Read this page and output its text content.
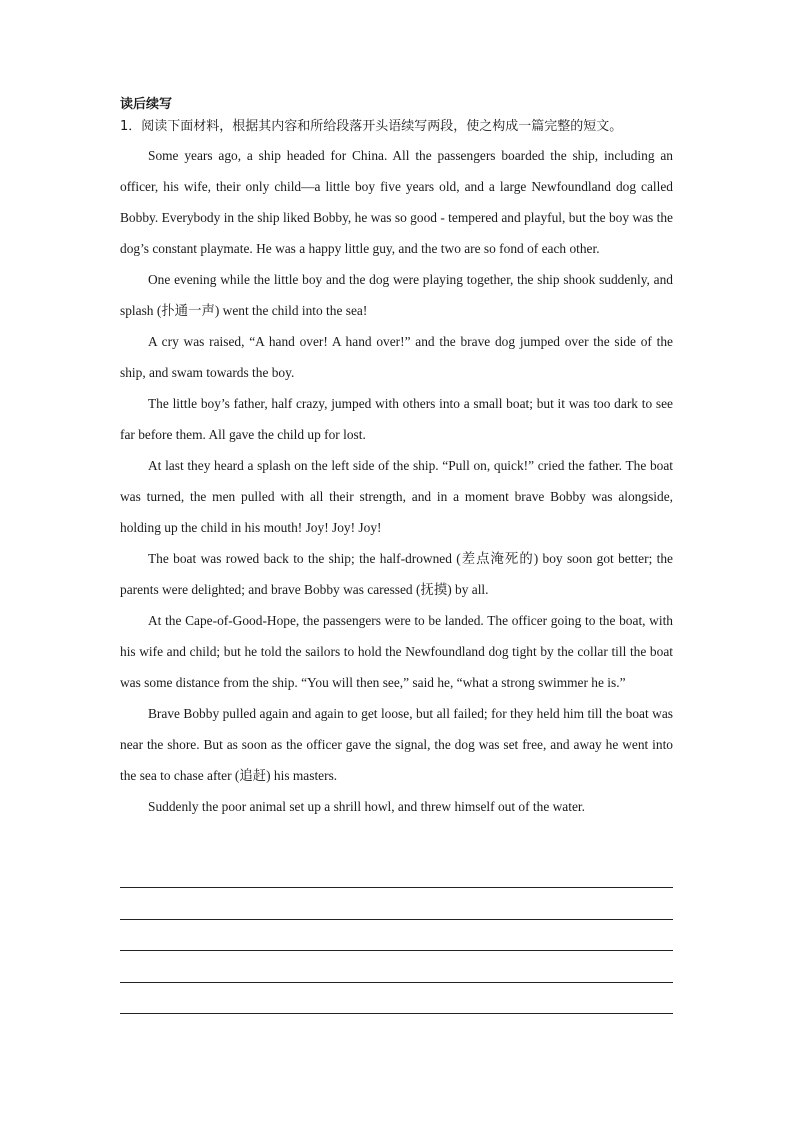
读后续写
1．阅读下面材料，根据其内容和所给段落开头语续写两段，使之构成一篇完整的短文。

Some years ago, a ship headed for China. All the passengers boarded the ship, including an officer, his wife, their only child—a little boy five years old, and a large Newfoundland dog called Bobby. Everybody in the ship liked Bobby, he was so good - tempered and playful, but the boy was the dog’s constant playmate. He was a happy little guy, and the two are so fond of each other.

One evening while the little boy and the dog were playing together, the ship shook suddenly, and splash (扑通一声) went the child into the sea!

A cry was raised, “A hand over! A hand over!” and the brave dog jumped over the side of the ship, and swam towards the boy.

The little boy’s father, half crazy, jumped with others into a small boat; but it was too dark to see far before them. All gave the child up for lost.

At last they heard a splash on the left side of the ship. “Pull on, quick!” cried the father. The boat was turned, the men pulled with all their strength, and in a moment brave Bobby was alongside, holding up the child in his mouth! Joy! Joy! Joy!

The boat was rowed back to the ship; the half-drowned (差点淹死的) boy soon got better; the parents were delighted; and brave Bobby was caressed (抚摸) by all.

At the Cape-of-Good-Hope, the passengers were to be landed. The officer going to the boat, with his wife and child; but he told the sailors to hold the Newfoundland dog tight by the collar till the boat was some distance from the ship. “You will then see,” said he, “what a strong swimmer he is.”

Brave Bobby pulled again and again to get loose, but all failed; for they held him till the boat was near the shore. But as soon as the officer gave the signal, the dog was set free, and away he went into the sea to chase after (追赶) his masters.

Suddenly the poor animal set up a shrill howl, and threw himself out of the water.
